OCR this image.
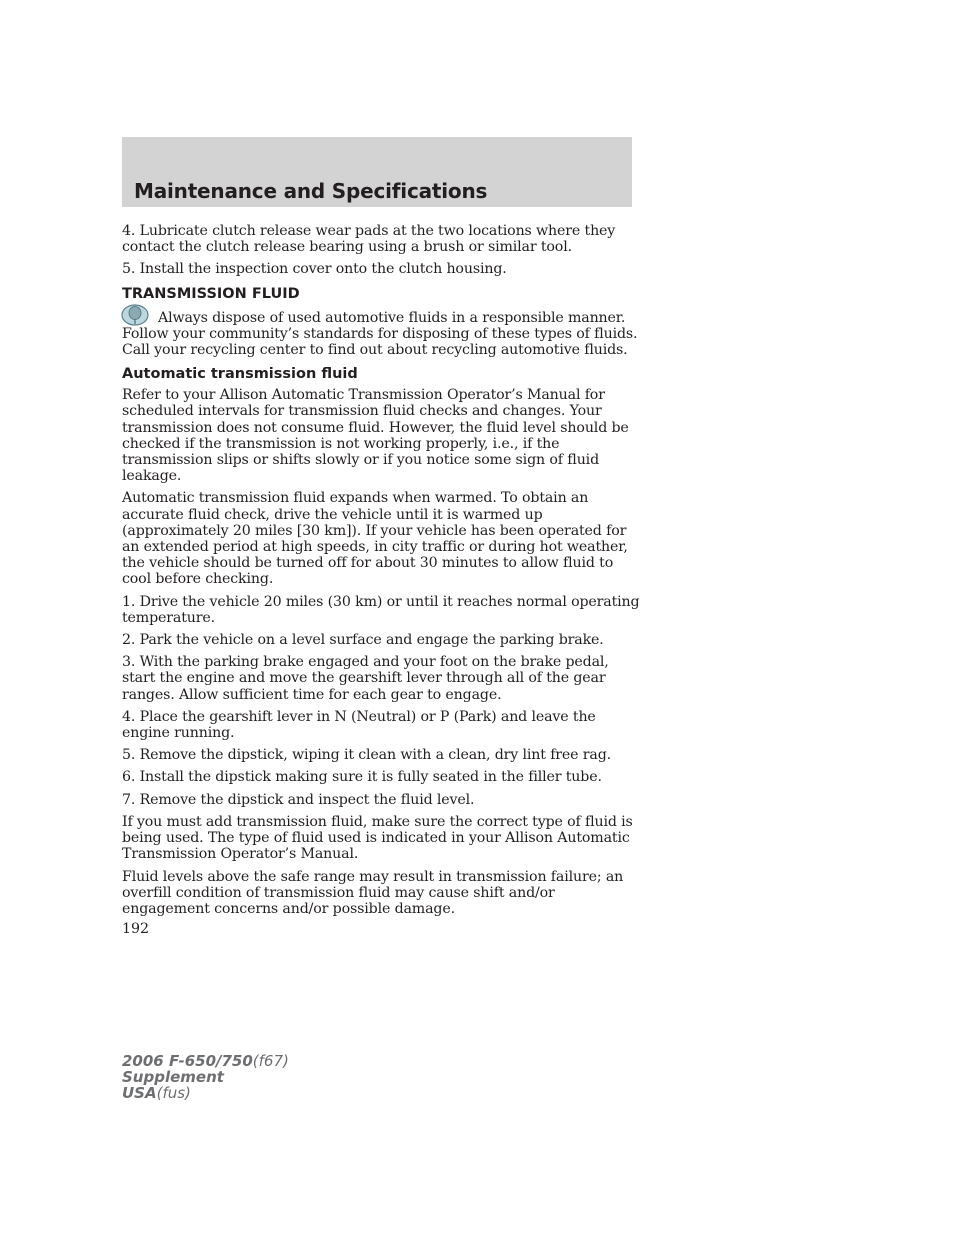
Maintenance and Specifications

4. Lubricate clutch release wear pads at the two locations where they
contact the clutch release bearing using a brush or similar tool.

5. Install the inspection cover onto the clutch housing.

TRANSMISSION FLUID

Always dispose of used automotive fluids in a responsible manner.
Follow your community’s standards for disposing of these types of fluids.
Call your recycling center to find out about recycling automotive fluids.

Automatic transmission fluid

Refer to your Allison Automatic Transmission Operator’s Manual for
scheduled intervals for transmission fluid checks and changes. Your
transmission does not consume fluid. However, the fluid level should be
checked if the transmission is not working properly, i.e., if the
transmission slips or shifts slowly or if you notice some sign of fluid
leakage.

Automatic transmission fluid expands when warmed. To obtain an
accurate fluid check, drive the vehicle until it is warmed up
(approximately 20 miles [30 km]). If your vehicle has been operated for
an extended period at high speeds, in city traffic or during hot weather,
the vehicle should be turned off for about 30 minutes to allow fluid to
cool before checking.

1. Drive the vehicle 20 miles (30 km) or until it reaches normal operating
temperature.

2. Park the vehicle on a level surface and engage the parking brake.

3. With the parking brake engaged and your foot on the brake pedal,
start the engine and move the gearshift lever through all of the gear
ranges. Allow sufficient time for each gear to engage.

4. Place the gearshift lever in N (Neutral) or P (Park) and leave the
engine running.

5. Remove the dipstick, wiping it clean with a clean, dry lint free rag.

6. Install the dipstick making sure it is fully seated in the filler tube.

7. Remove the dipstick and inspect the fluid level.

If you must add transmission fluid, make sure the correct type of fluid is
being used. The type of fluid used is indicated in your Allison Automatic
Transmission Operator’s Manual.

Fluid levels above the safe range may result in transmission failure; an
overfill condition of transmission fluid may cause shift and/or
engagement concerns and/or possible damage.

192
2006 F-650/750(f67)
Supplement
USA(fus)
